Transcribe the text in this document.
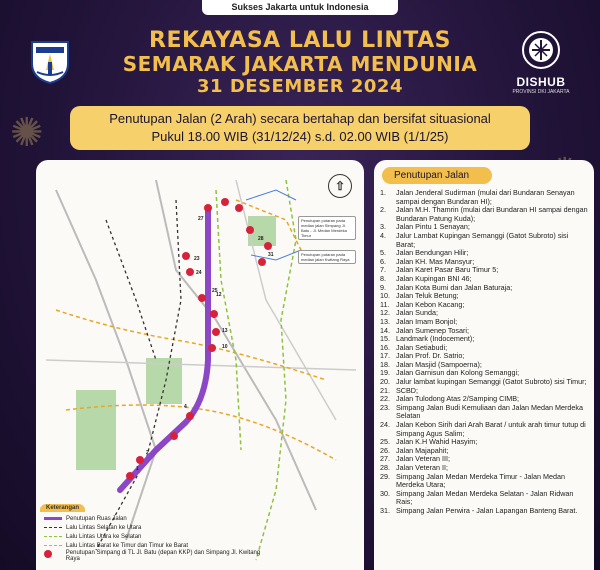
✺
Sukses Jakarta untuk Indonesia
DISHUB
PROVINSI DKI JAKARTA
REKAYASA LALU LINTAS
SEMARAK JAKARTA MENDUNIA
31 DESEMBER 2024
Penutupan Jalan (2 Arah) secara bertahap dan bersifat situasional
Pukul 18.00 WIB (31/12/24) s.d. 02.00 WIB (1/1/25)
⇧
Penutupan putaran pada median jalan Simpang Jl. Batu - Jl. Medan Merdeka Timur
Penutupan putaran pada median jalan Kwitang Raya
27
23
24
25
12
13
10
4
2
1
31
28
Keterangan
Penutupan Ruas Jalan
Lalu Lintas Selatan ke Utara
Lalu Lintas Utara ke Selatan
Lalu Lintas Barat ke Timur dan Timur ke Barat
Penutupan Simpang di TL Jl. Batu (depan KKP) dan Simpang Jl. Kwitang Raya
Penutupan Jalan
1.	Jalan Jenderal Sudirman (mulai dari Bundaran Senayan sampai dengan Bundaran HI);
2.	Jalan M.H. Thamrin (mulai dari Bundaran HI sampai dengan Bundaran Patung Kuda);
3.	Jalan Pintu 1 Senayan;
4.	Jalur Lambat Kupingan Semanggi (Gatot Subroto) sisi Barat;
5.	Jalan Bendungan Hilir;
6.	Jalan KH. Mas Mansyur;
7.	Jalan Karet Pasar Baru Timur 5;
8.	Jalan Kupingan BNI 46;
9.	Jalan Kota Bumi dan Jalan Baturaja;
10. Jalan Teluk Betung;
11. Jalan Kebon Kacang;
12. Jalan Sunda;
13. Jalan Imam Bonjol;
14. Jalan Sumenep Tosari;
15. Landmark (Indocement);
16. Jalan Setiabudi;
17. Jalan Prof. Dr. Satrio;
18. Jalan Masjid (Sampoerna);
19. Jalan Garnisun dan Kolong Semanggi;
20. Jalur lambat kupingan Semanggi (Gatot Subroto) sisi Timur;
21. SCBD;
22. Jalan Tulodong Atas 2/Samping CIMB;
23. Simpang Jalan Budi Kemuliaan dan Jalan Medan Merdeka Selatan
24. Jalan Kebon Sirih dari Arah Barat / untuk arah timur tutup di Simpang Agus Salim;
25. Jalan K.H Wahid Hasyim;
26. Jalan Majapahit;
27. Jalan Veteran III;
28. Jalan Veteran II;
29. Simpang Jalan Medan Merdeka Timur - Jalan Medan Merdeka Utara;
30. Simpang Jalan Medan Merdeka Selatan - Jalan Ridwan Rais;
31. Simpang Jalan Perwira - Jalan Lapangan Banteng Barat.
